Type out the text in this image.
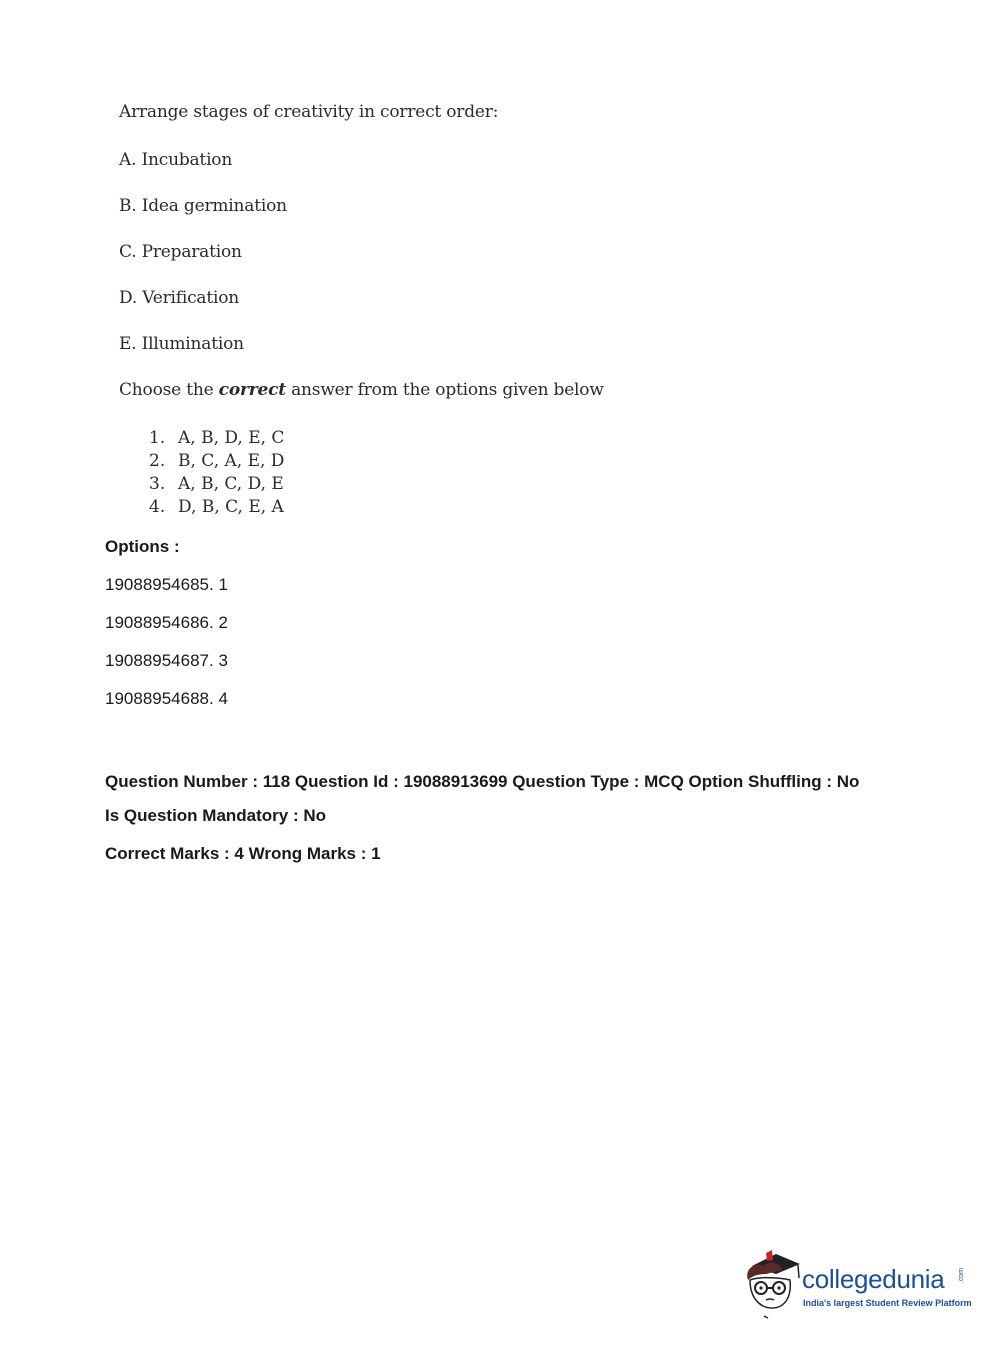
Arrange stages of creativity in correct order:
A. Incubation
B. Idea germination
C. Preparation
D. Verification
E. Illumination
Choose the correct answer from the options given below
1. A, B, D, E, C
2. B, C, A, E, D
3. A, B, C, D, E
4. D, B, C, E, A
Options :
19088954685. 1
19088954686. 2
19088954687. 3
19088954688. 4
Question Number : 118 Question Id : 19088913699 Question Type : MCQ Option Shuffling : No
Is Question Mandatory : No
Correct Marks : 4 Wrong Marks : 1
collegedunia .com
India's largest Student Review Platform
